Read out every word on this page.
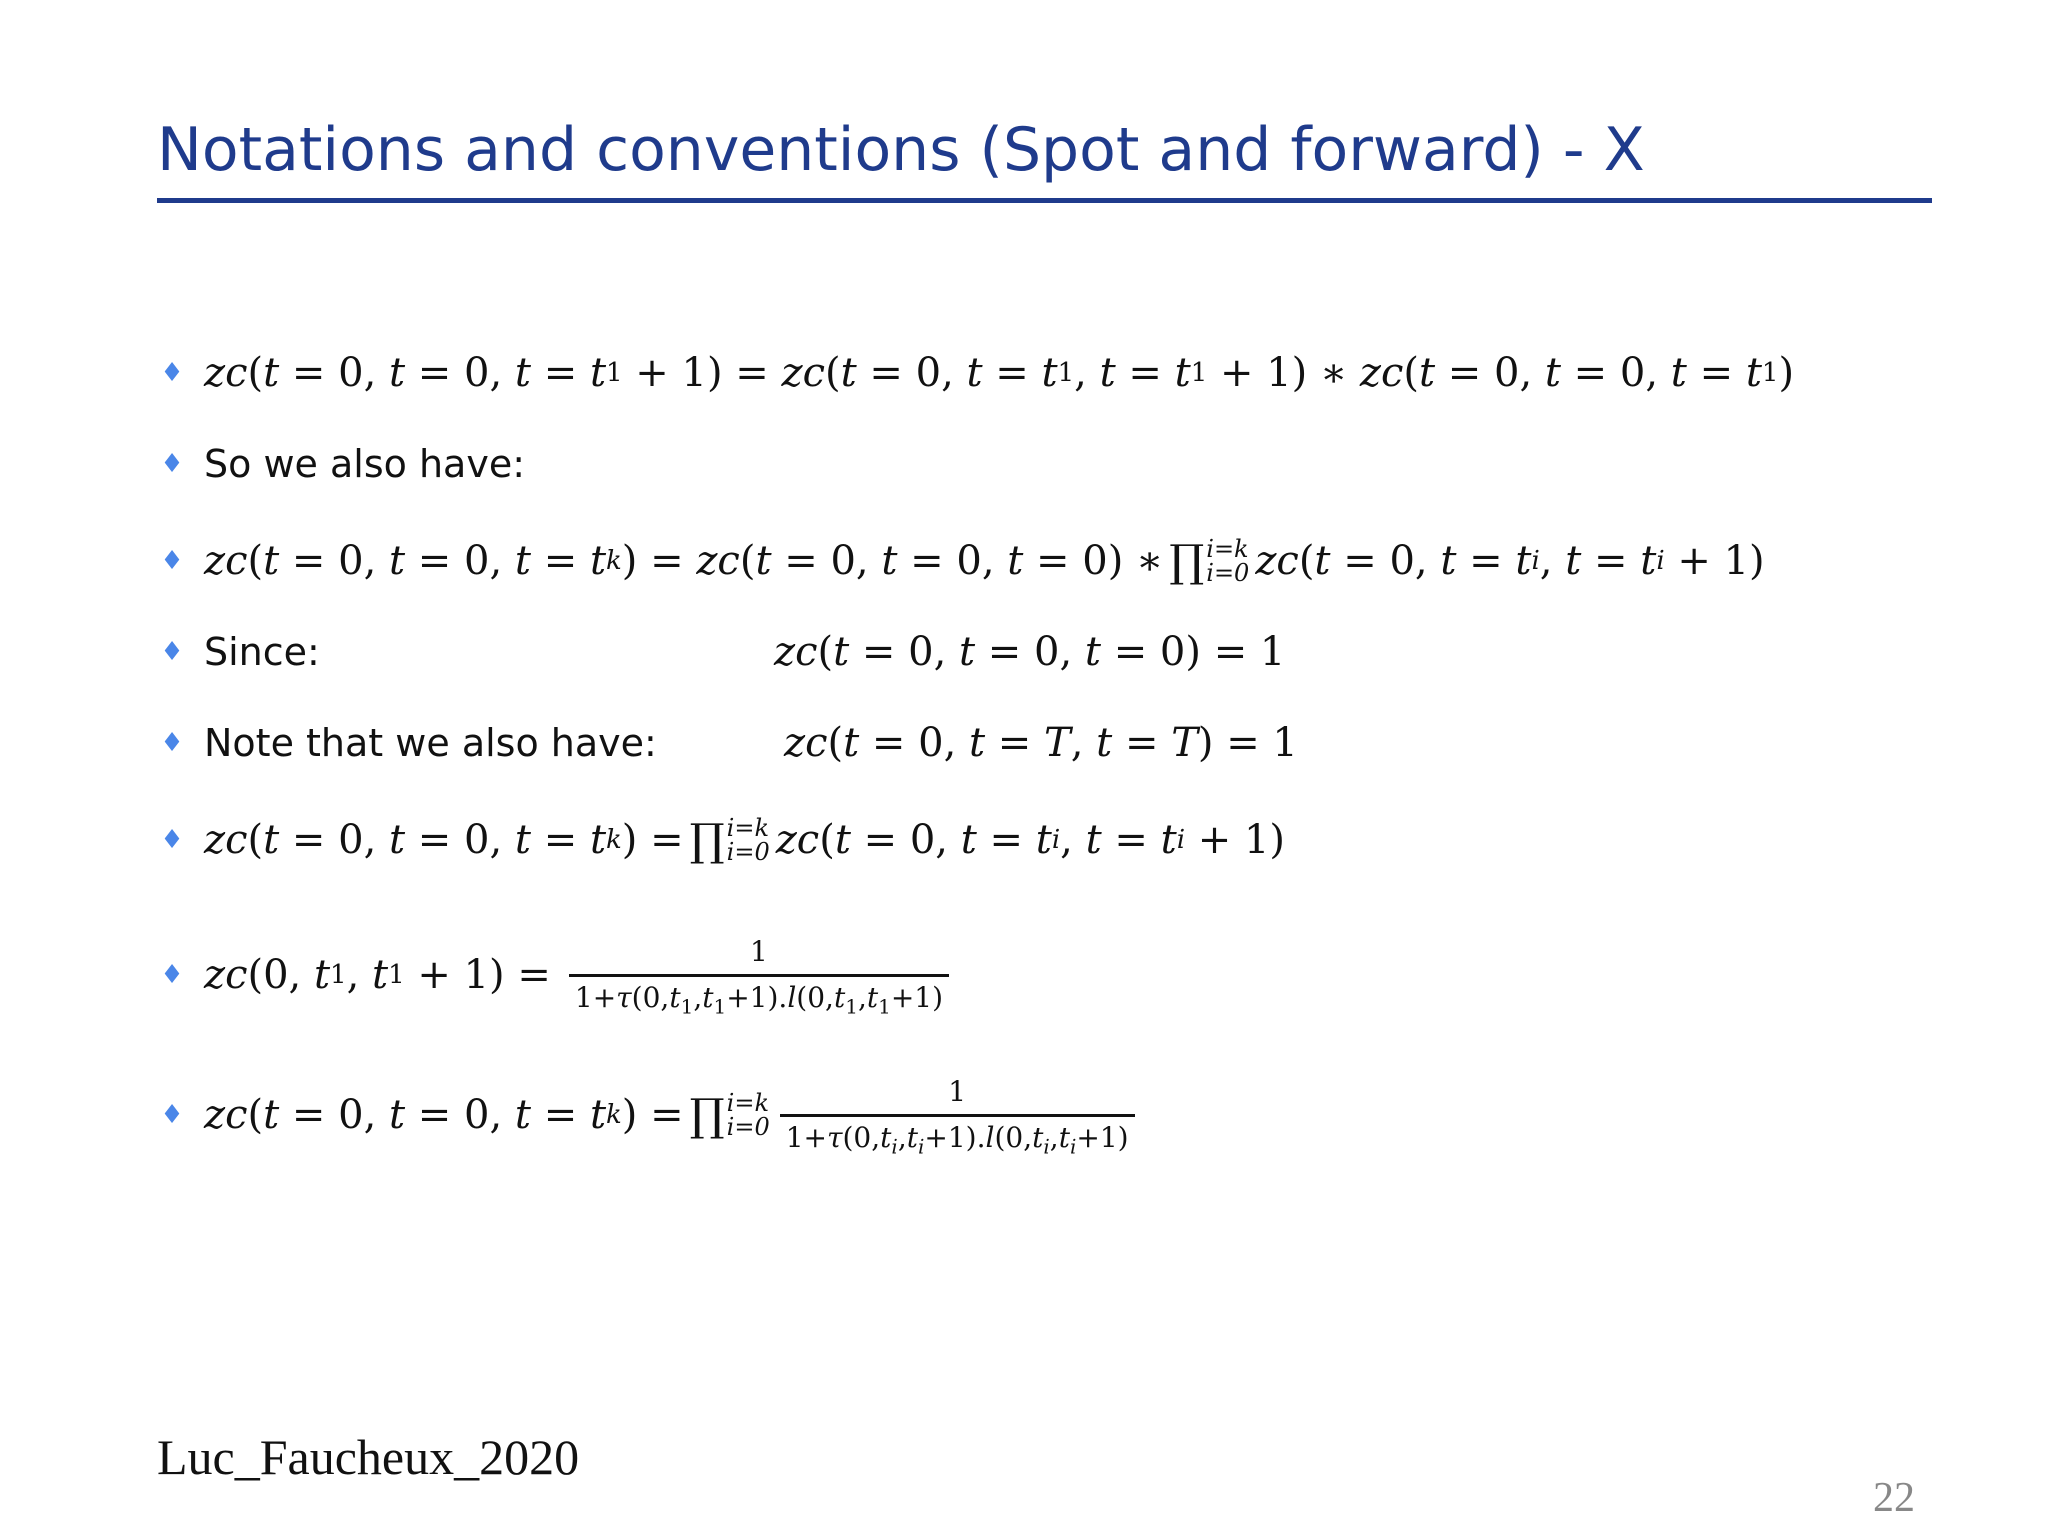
Notations and conventions (Spot and forward) - X
♦ zc ( t = 0, t = 0, t = t 1 + 1) = zc ( t = 0, t = t 1 , t = t 1 + 1) ∗ zc ( t = 0, t = 0, t = t 1 )
♦ So we also have:
♦ zc ( t = 0, t = 0, t = t k ) = zc ( t = 0, t = 0, t = 0) ∗ ∏ i=k
i=0 zc ( t = 0, t = t i , t = t i + 1)
♦ Since:	zc ( t = 0, t = 0, t = 0) = 1
♦ Note that we also have:	zc ( t = 0, t = T , t = T ) = 1
♦ zc ( t = 0, t = 0, t = t k ) = ∏ i=k
i=0 zc ( t = 0, t = t i , t = t i + 1)
♦ zc (0, t 1 , t $1 + 1) = \frac{1}{1+\tau(0,t_1,t_1+1).l(0,t_1,t_1+1)}$
♦ zc ( t = 0, t = 0, t = t k ) = ∏ i=k
$i=0 \frac{1}{1+\tau(0,t_i,t_i+1).l(0,t_i,t_i+1)}$
Luc_Faucheux_2020
22
